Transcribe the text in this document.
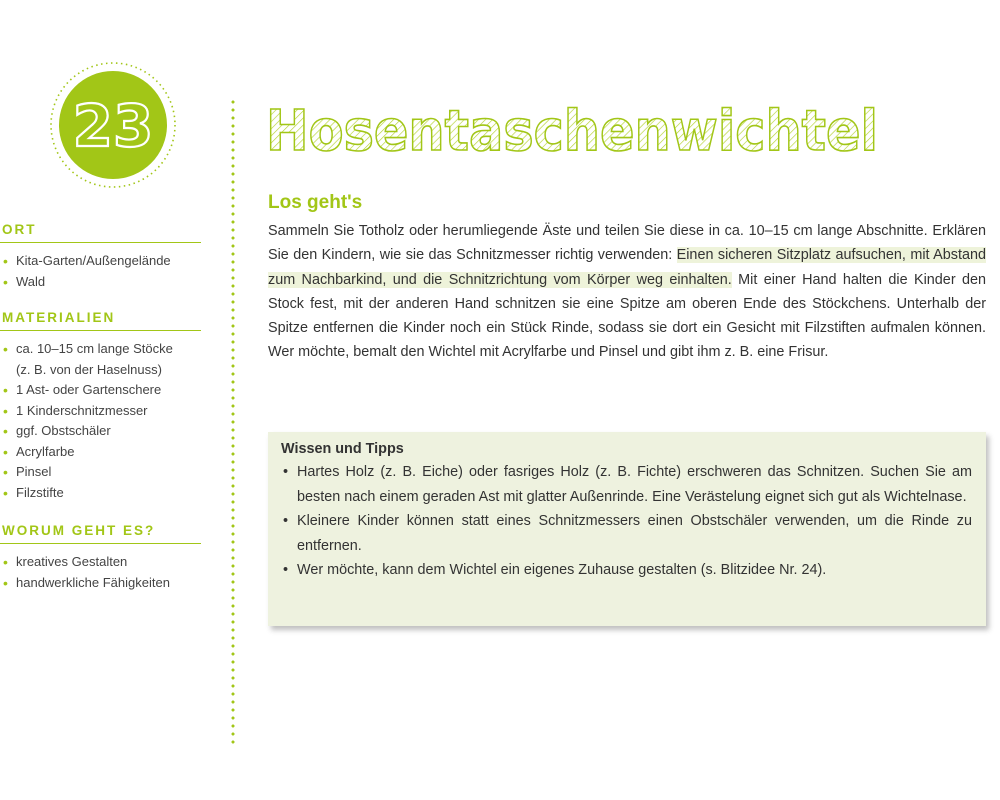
23
ORT
• Kita-Garten/Außengelände
• Wald
MATERIALIEN
• ca. 10–15 cm lange Stöcke
(z. B. von der Haselnuss)
• 1 Ast- oder Gartenschere
• 1 Kinderschnitzmesser
• ggf. Obstschäler
• Acrylfarbe
• Pinsel
• Filzstifte
WORUM GEHT ES?
• kreatives Gestalten
• handwerkliche Fähigkeiten
Hosentaschenwichtel
Los geht's

Sammeln Sie Totholz oder herumliegende Äste und teilen Sie diese in ca. 10–15 cm lange Abschnitte. Erklären Sie den Kindern, wie sie das Schnitzmesser richtig verwenden: Einen sicheren Sitzplatz aufsuchen, mit Abstand zum Nachbarkind, und die Schnitzrichtung vom Körper weg einhalten. Mit einer Hand halten die Kinder den Stock fest, mit der anderen Hand schnitzen sie eine Spitze am oberen Ende des Stöckchens. Unterhalb der Spitze entfernen die Kinder noch ein Stück Rinde, sodass sie dort ein Gesicht mit Filzstiften aufmalen können. Wer möchte, bemalt den Wichtel mit Acrylfarbe und Pinsel und gibt ihm z. B. eine Frisur.

Wissen und Tipps
• Hartes Holz (z. B. Eiche) oder fasriges Holz (z. B. Fichte) erschweren das Schnitzen. Suchen Sie am besten nach einem geraden Ast mit glatter Außenrinde. Eine Verästelung eignet sich gut als Wichtelnase.
• Kleinere Kinder können statt eines Schnitzmessers einen Obstschäler verwenden, um die Rinde zu entfernen.
• Wer möchte, kann dem Wichtel ein eigenes Zuhause gestalten (s. Blitzidee Nr. 24).
